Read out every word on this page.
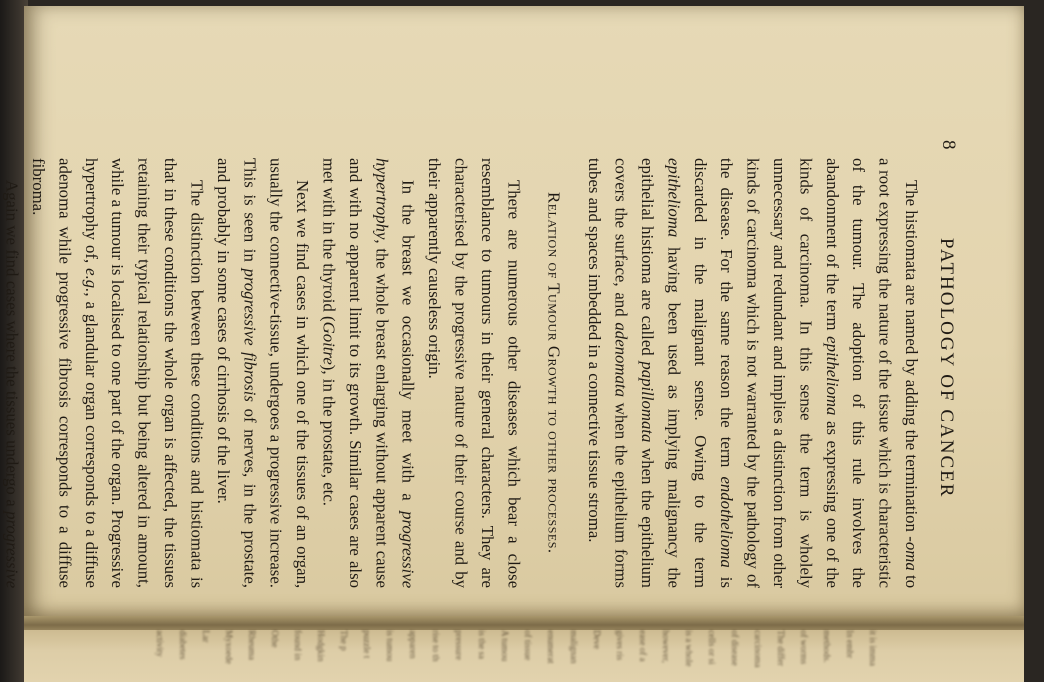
8
PATHOLOGY OF CANCER

The histiomata are named by adding the termination -oma to a root expressing the nature of the tissue which is characteristic of the tumour. The adoption of this rule involves the abandonment of the term epithelioma as expressing one of the kinds of carcinoma. In this sense the term is wholely unnecessary and redundant and implies a distinction from other kinds of carcinoma which is not warranted by the pathology of the disease. For the same reason the term endothelioma is discarded in the malignant sense. Owing to the term epithelioma having been used as implying malignancy the epithelial histioma are called papillomata when the epithelium covers the surface, and adenomata when the epithelium forms tubes and spaces imbedded in a connective tissue stroma.

Relation of Tumour Growth to other processes.

There are numerous other diseases which bear a close resemblance to tumours in their general characters. They are characterised by the progressive nature of their course and by their apparently causeless origin.

In the breast we occasionally meet with a progressive hypertrophy, the whole breast enlarging without apparent cause and with no apparent limit to its growth. Similar cases are also met with in the thyroid (Goitre), in the prostate, etc.

Next we find cases in which one of the tissues of an organ, usually the connective-tissue, undergoes a progressive increase. This is seen in progressive fibrosis of nerves, in the prostate, and probably in some cases of cirrhosis of the liver.

The distinction between these conditions and histiomata is that in these conditions the whole organ is affected, the tissues retaining their typical relationship but being altered in amount, while a tumour is localised to one part of the organ. Progressive hypertrophy of, e.g., a glandular organ corresponds to a diffuse adenoma while progressive fibrosis corresponds to a diffuse fibroma.

Again we find cases where the tissues undergo a progressive

activity	diabetes	Lar	Myxoede	Rheuma	Othe	found in	Hodgkin	The p	puzzle t	is tumou	apparen	rise to th	pressure	is the sa	A tumou	of tissue	enumerat	malignan	Deve	gives ris	ease of a	however,	is a whole	cells or si	of disease	carcinoma	The differ	of worms	methods.	In embr	it is imma
